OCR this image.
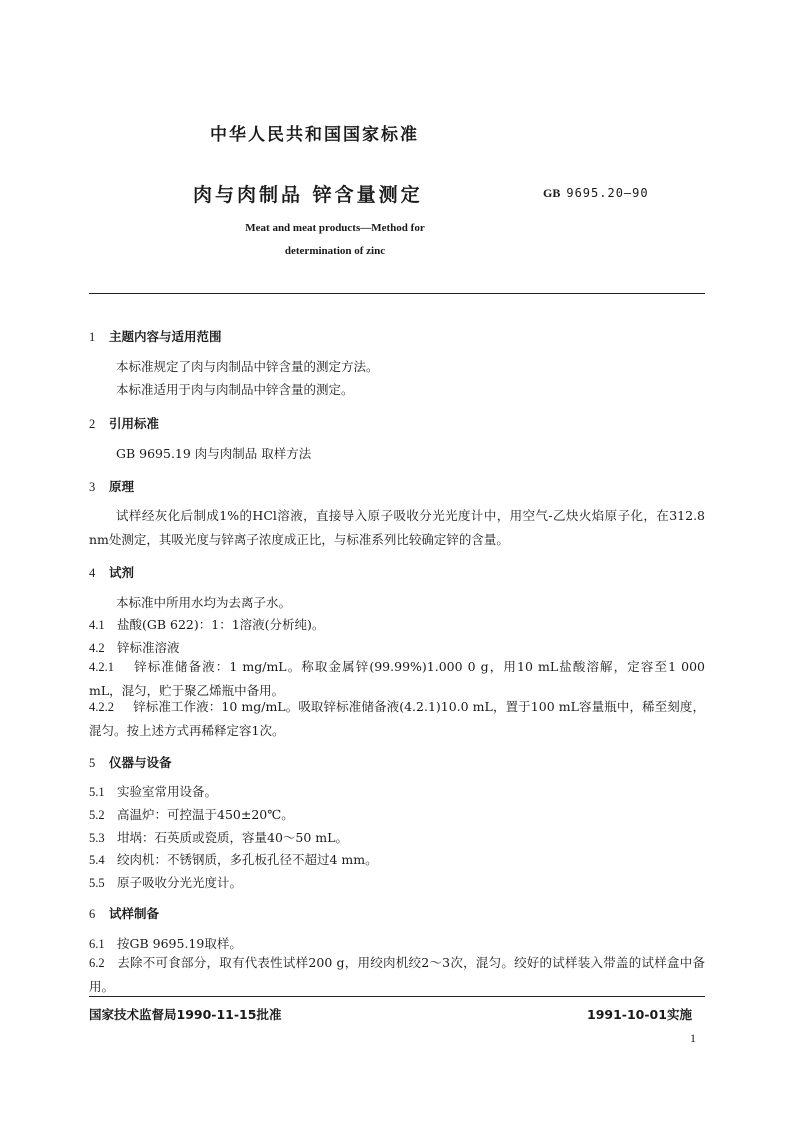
中华人民共和国国家标准
肉与肉制品 锌含量测定	GB 9695.20—90
Meat and meat products—Method for
determination of zinc
1 主题内容与适用范围
本标准规定了肉与肉制品中锌含量的测定方法。
本标准适用于肉与肉制品中锌含量的测定。
2 引用标准
GB 9695.19 肉与肉制品 取样方法
3 原理
试样经灰化后制成1%的HCl溶液，直接导入原子吸收分光光度计中，用空气-乙炔火焰原子化，在312.8 nm处测定，其吸光度与锌离子浓度成正比，与标准系列比较确定锌的含量。
4 试剂
本标准中所用水均为去离子水。
4.1 盐酸(GB 622)：1：1溶液(分析纯)。
4.2 锌标准溶液
4.2.1 锌标准储备液：1 mg/mL。称取金属锌(99.99%)1.000 0 g，用10 mL盐酸溶解，定容至1 000 mL，混匀，贮于聚乙烯瓶中备用。
4.2.2 锌标准工作液：10 mg/mL。吸取锌标准储备液(4.2.1)10.0 mL，置于100 mL容量瓶中，稀至刻度，混匀。按上述方式再稀释定容1次。
5 仪器与设备
5.1 实验室常用设备。
5.2 高温炉：可控温于450±20℃。
5.3 坩埚：石英质或瓷质，容量40～50 mL。
5.4 绞肉机：不锈钢质，多孔板孔径不超过4 mm。
5.5 原子吸收分光光度计。
6 试样制备
6.1 按GB 9695.19取样。
6.2 去除不可食部分，取有代表性试样200 g，用绞肉机绞2～3次，混匀。绞好的试样装入带盖的试样盒中备用。
国家技术监督局1990-11-15批准	1991-10-01实施
1
